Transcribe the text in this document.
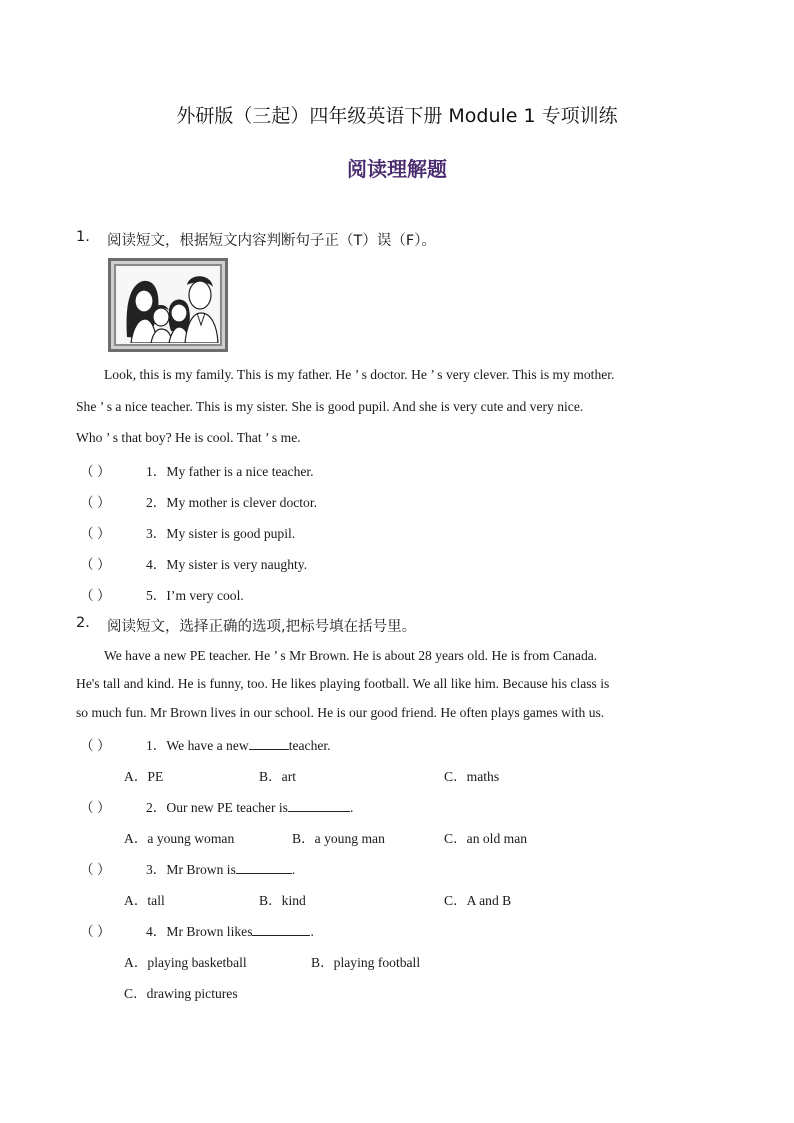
外研版（三起）四年级英语下册 Module 1 专项训练
阅读理解题
1. 阅读短文，根据短文内容判断句子正（T）误（F）。
Look, this is my family. This is my father. He ’ s doctor. He ’ s very clever. This is my mother.
She ’ s a nice teacher. This is my sister. She is good pupil. And she is very cute and very nice.
Who ’ s that boy? He is cool. That ’ s me.
（ ）	1．My father is a nice teacher.
（ ）	2．My mother is clever doctor.
（ ）	3．My sister is good pupil.
（ ）	4．My sister is very naughty.
（ ）	5．I’m very cool.
2. 阅读短文，选择正确的选项,把标号填在括号里。
We have a new PE teacher. He ’ s Mr Brown. He is about 28 years old. He is from Canada.
He's tall and kind. He is funny, too. He likes playing football. We all like him. Because his class is
so much fun. Mr Brown lives in our school. He is our good friend. He often plays games with us.
（ ）	1．We have a new	teacher.
A．PE	B．art	C．maths
（ ）	2．Our new PE teacher is	.
A．a young woman	B．a young man	C．an old man
（ ）	3．Mr Brown is	.
A．tall	B．kind	C．A and B
（ ）	4．Mr Brown likes	.
A．playing basketball	B．playing football
C．drawing pictures
